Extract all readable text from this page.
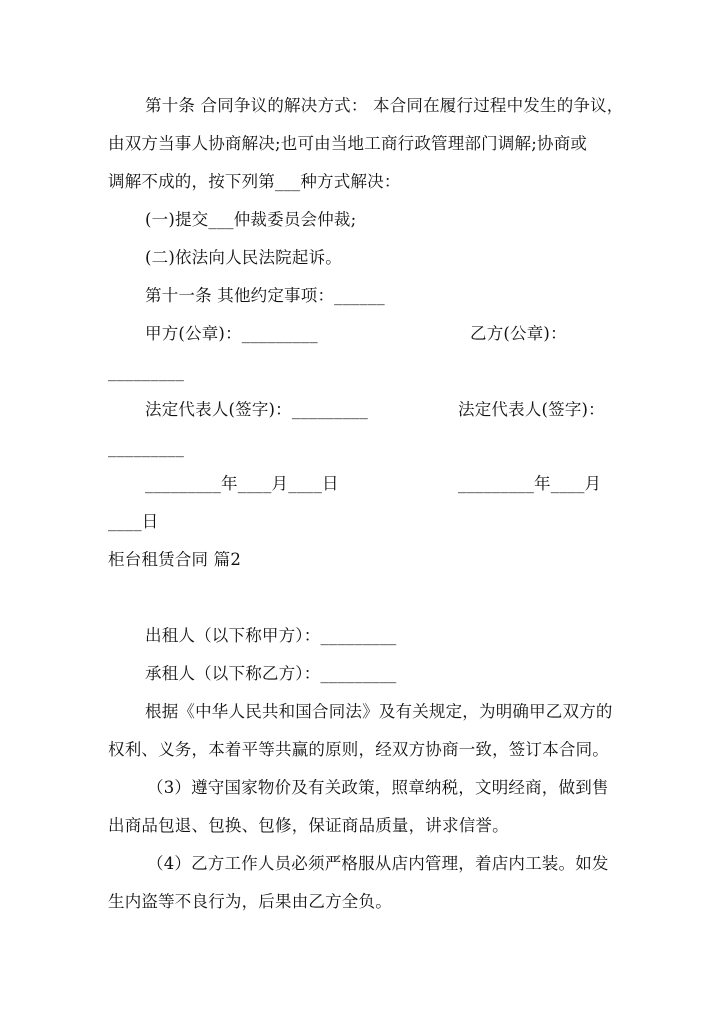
第十条 合同争议的解决方式： 本合同在履行过程中发生的争议，
由双方当事人协商解决;也可由当地工商行政管理部门调解;协商或
调解不成的，按下列第___种方式解决：
(一)提交___仲裁委员会仲裁;
(二)依法向人民法院起诉。
第十一条 其他约定事项：______
甲方(公章)：_________	乙方(公章)：
_________
法定代表人(签字)：_________	法定代表人(签字)：
_________
_________年____月____日	_________年____月
____日
柜台租赁合同 篇2
出租人（以下称甲方）：_________
承租人（以下称乙方）：_________
根据《中华人民共和国合同法》及有关规定，为明确甲乙双方的
权利、义务，本着平等共赢的原则，经双方协商一致，签订本合同。
（3）遵守国家物价及有关政策，照章纳税，文明经商，做到售
出商品包退、包换、包修，保证商品质量，讲求信誉。
（4）乙方工作人员必须严格服从店内管理，着店内工装。如发
生内盗等不良行为，后果由乙方全负。
